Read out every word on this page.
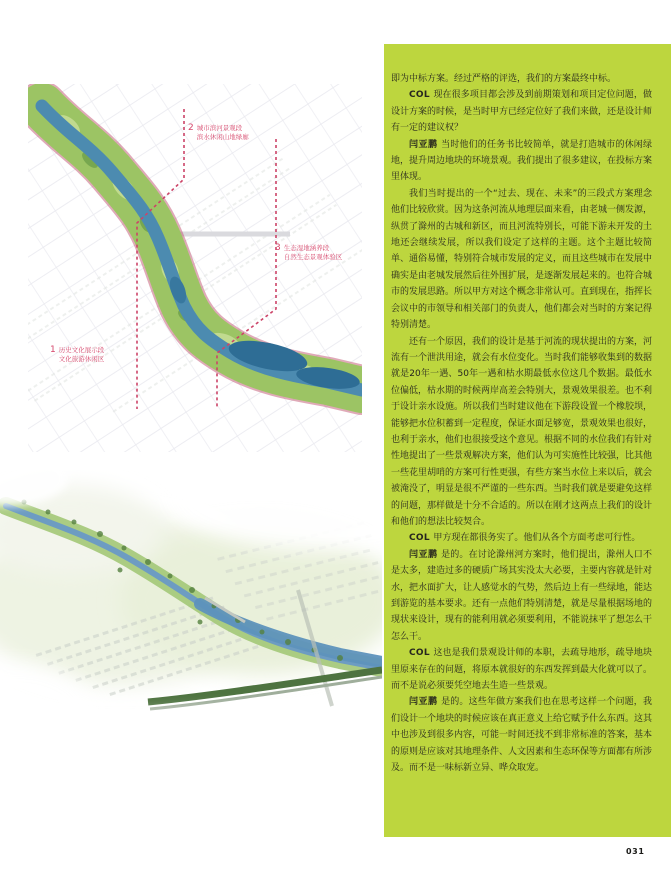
1 历史文化展示段
文化旅游休闲区
2 城市滨河景观段
滨水休闲山地绿廊
3 生态湿地涵养段
自然生态景观体验区

即为中标方案。经过严格的评选，我们的方案最终中标。

COL 现在很多项目都会涉及到前期策划和项目定位问题，做设计方案的时候，是当时甲方已经定位好了我们来做，还是设计师有一定的建议权？

闫亚鹏 当时他们的任务书比较简单，就是打造城市的休闲绿地，提升周边地块的环境景观。我们提出了很多建议，在投标方案里体现。

我们当时提出的一个“过去、现在、未来”的三段式方案理念他们比较欣赏。因为这条河流从地理层面来看，由老城一侧发源，纵贯了滁州的古城和新区，而且河流特别长，可能下游未开发的土地还会继续发展，所以我们设定了这样的主题。这个主题比较简单、通俗易懂，特别符合城市发展的定义，而且这些城市在发展中确实是由老城发展然后往外围扩展，是逐渐发展起来的。也符合城市的发展思路。所以甲方对这个概念非常认可。直到现在，指挥长会议中的市领导和相关部门的负责人，他们都会对当时的方案记得特别清楚。

还有一个原因，我们的设计是基于河流的现状提出的方案，河流有一个泄洪用途，就会有水位变化。当时我们能够收集到的数据就是20年一遇、50年一遇和枯水期最低水位这几个数据。最低水位偏低，枯水期的时候两岸高差会特别大，景观效果很差。也不利于设计亲水设施。所以我们当时建议他在下游段设置一个橡胶坝，能够把水位积蓄到一定程度，保证水面足够宽，景观效果也很好，也利于亲水，他们也很接受这个意见。根据不同的水位我们有针对性地提出了一些景观解决方案，他们认为可实施性比较强，比其他一些花里胡哨的方案可行性更强，有些方案当水位上来以后，就会被淹没了，明显是很不严谨的一些东西。当时我们就是要避免这样的问题，那样做是十分不合适的。所以在刚才这两点上我们的设计和他们的想法比较契合。

COL 甲方现在都很务实了。他们从各个方面考虑可行性。

闫亚鹏 是的。在讨论滁州河方案时，他们提出，滁州人口不是太多，建造过多的硬质广场其实没太大必要，主要内容就是针对水，把水面扩大，让人感觉水的气势，然后边上有一些绿地，能达到游览的基本要求。还有一点他们特别清楚，就是尽量根据场地的现状来设计，现有的能利用就必须要利用，不能说抹平了想怎么干怎么干。

COL 这也是我们景观设计师的本职，去疏导地形，疏导地块里原来存在的问题，将原本就很好的东西发挥到最大化就可以了。而不是说必须要凭空地去生造一些景观。

闫亚鹏 是的。这些年做方案我们也在思考这样一个问题，我们设计一个地块的时候应该在真正意义上给它赋予什么东西。这其中也涉及到很多内容，可能一时间还找不到非常标准的答案，基本的原则是应该对其地理条件、人文因素和生态环保等方面都有所涉及。而不是一味标新立异、哗众取宠。

031
